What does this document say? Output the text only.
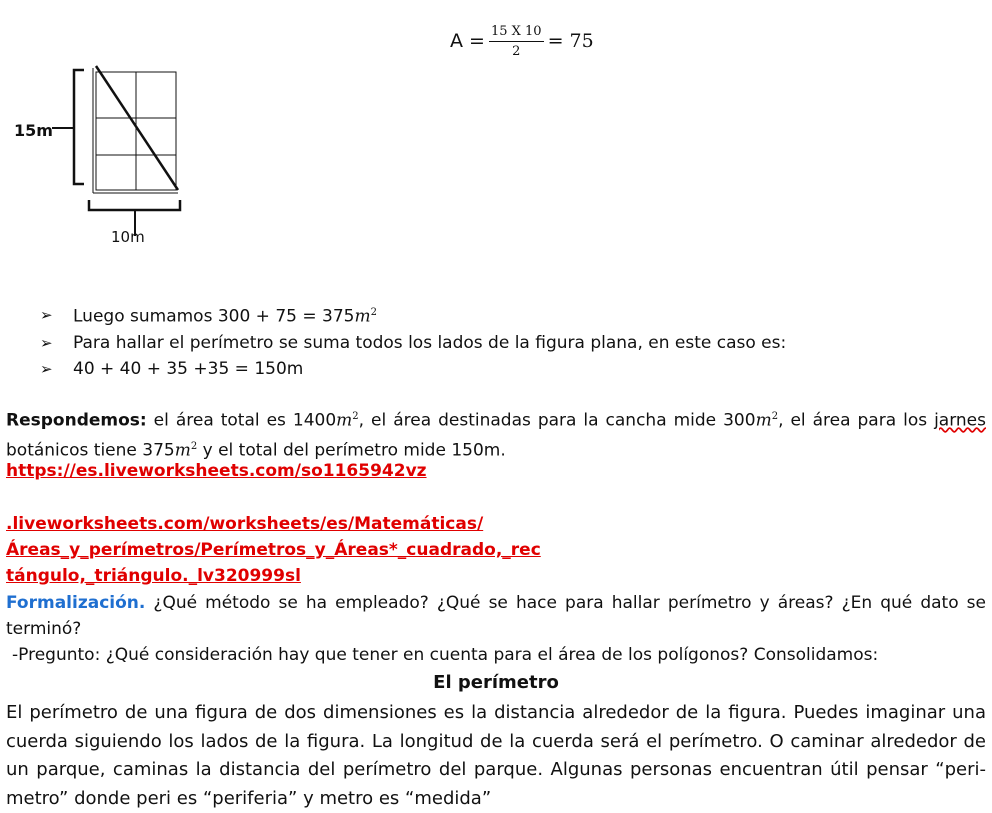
$A = \frac{15 X 10}{2} = 75$
15m
10m
➢	Luego sumamos $300 + 75 = 375m^2$
➢	Para hallar el perímetro se suma todos los lados de la figura plana, en este caso es:
➢	40 + 40 + 35 +35 = 150m
Respondemos: el área total es $1400m^2$, el área destinadas para la cancha mide $300m^2$, el área para los jarnes
botánicos tiene $375m^2$ y el total del perímetro mide 150m.
https://es.liveworksheets.com/so1165942vz
.liveworksheets.com/worksheets/es/Matemáticas/Áreas_y_perímetros/Perímetros_y_Áreas*_cuadrado,_rec
tángulo,_triángulo._lv320999sl
Formalización. ¿Qué método se ha empleado? ¿Qué se hace para hallar perímetro y áreas? ¿En qué dato se terminó?
-Pregunto: ¿Qué consideración hay que tener en cuenta para el área de los polígonos? Consolidamos:
El perímetro
El perímetro de una figura de dos dimensiones es la distancia alrededor de la figura. Puedes imaginar una cuerda siguiendo los lados de la figura. La longitud de la cuerda será el perímetro. O caminar alrededor de un parque, caminas la distancia del perímetro del parque. Algunas personas encuentran útil pensar “peri-metro” donde peri es “periferia” y metro es “medida”
